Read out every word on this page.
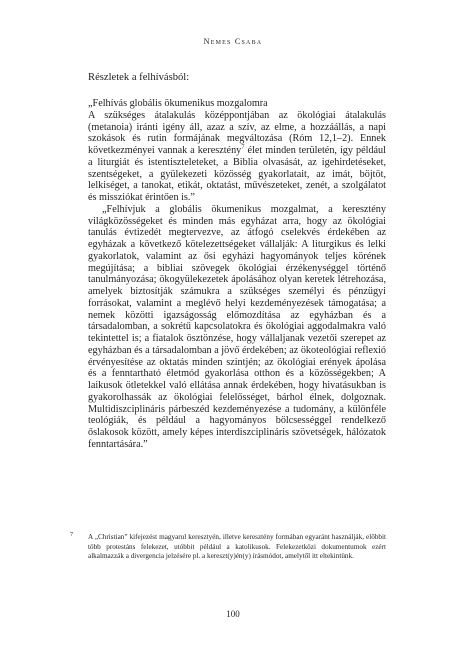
Nemes Csaba
Részletek a felhívásból:

„Felhívás globális ökumenikus mozgalomra

A szükséges átalakulás középpontjában az ökológiai átalakulás (metanoia) iránti igény áll, azaz a szív, az elme, a hozzáállás, a napi szokások és rutin formájának megváltozása (Róm 12,1–2). Ennek következményei vannak a keresztény$^7$ élet minden területén, így például a liturgiát és istentiszteleteket, a Biblia olvasását, az igehirdetéseket, szentségeket, a gyülekezeti közösség gyakorlatait, az imát, böjtöt, lelkiséget, a tanokat, etikát, oktatást, művészeteket, zenét, a szolgálatot és missziókat érintően is.”

„Felhívjuk a globális ökumenikus mozgalmat, a keresztény világközösségeket és minden más egyházat arra, hogy az ökológiai tanulás évtizedét megtervezve, az átfogó cselekvés érdekében az egyházak a következő kötelezettségeket vállalják: A liturgikus és lelki gyakorlatok, valamint az ősi egyházi hagyományok teljes körének megújítása; a bibliai szövegek ökológiai érzékenységgel történő tanulmányozása; ökogyülekezetek ápolásához olyan keretek létrehozása, amelyek biztosítják számukra a szükséges személyi és pénzügyi forrásokat, valamint a meglévő helyi kezdeményezések támogatása; a nemek közötti igazságosság előmozdítása az egyházban és a társadalomban, a sokrétű kapcsolatokra és ökológiai aggodalmakra való tekintettel is; a fiatalok ösztönzése, hogy vállaljanak vezetői szerepet az egyházban és a társadalomban a jövő érdekében; az ökoteológiai reflexió érvényesítése az oktatás minden szintjén; az ökológiai erények ápolása és a fenntartható életmód gyakorlása otthon és a közösségekben; A laikusok ötletekkel való ellátása annak érdekében, hogy hivatásukban is gyakorolhassák az ökológiai felelősséget, bárhol élnek, dolgoznak. Multidiszciplináris párbeszéd kezdeményezése a tudomány, a különféle teológiák, és például a hagyományos bölcsességgel rendelkező őslakosok között, amely képes interdiszciplináris szövetségek, hálózatok fenntartására.”

7 A „Christian” kifejezést magyarul keresztyén, illetve keresztény formában egyaránt használják, előbbit több protestáns felekezet, utóbbit például a katolikusok. Felekezetközi dokumentumok ezért alkalmazzák a divergencia jelzésére pl. a kereszt(y)én(y) írásmódot, amelytől itt eltekintünk.
100
